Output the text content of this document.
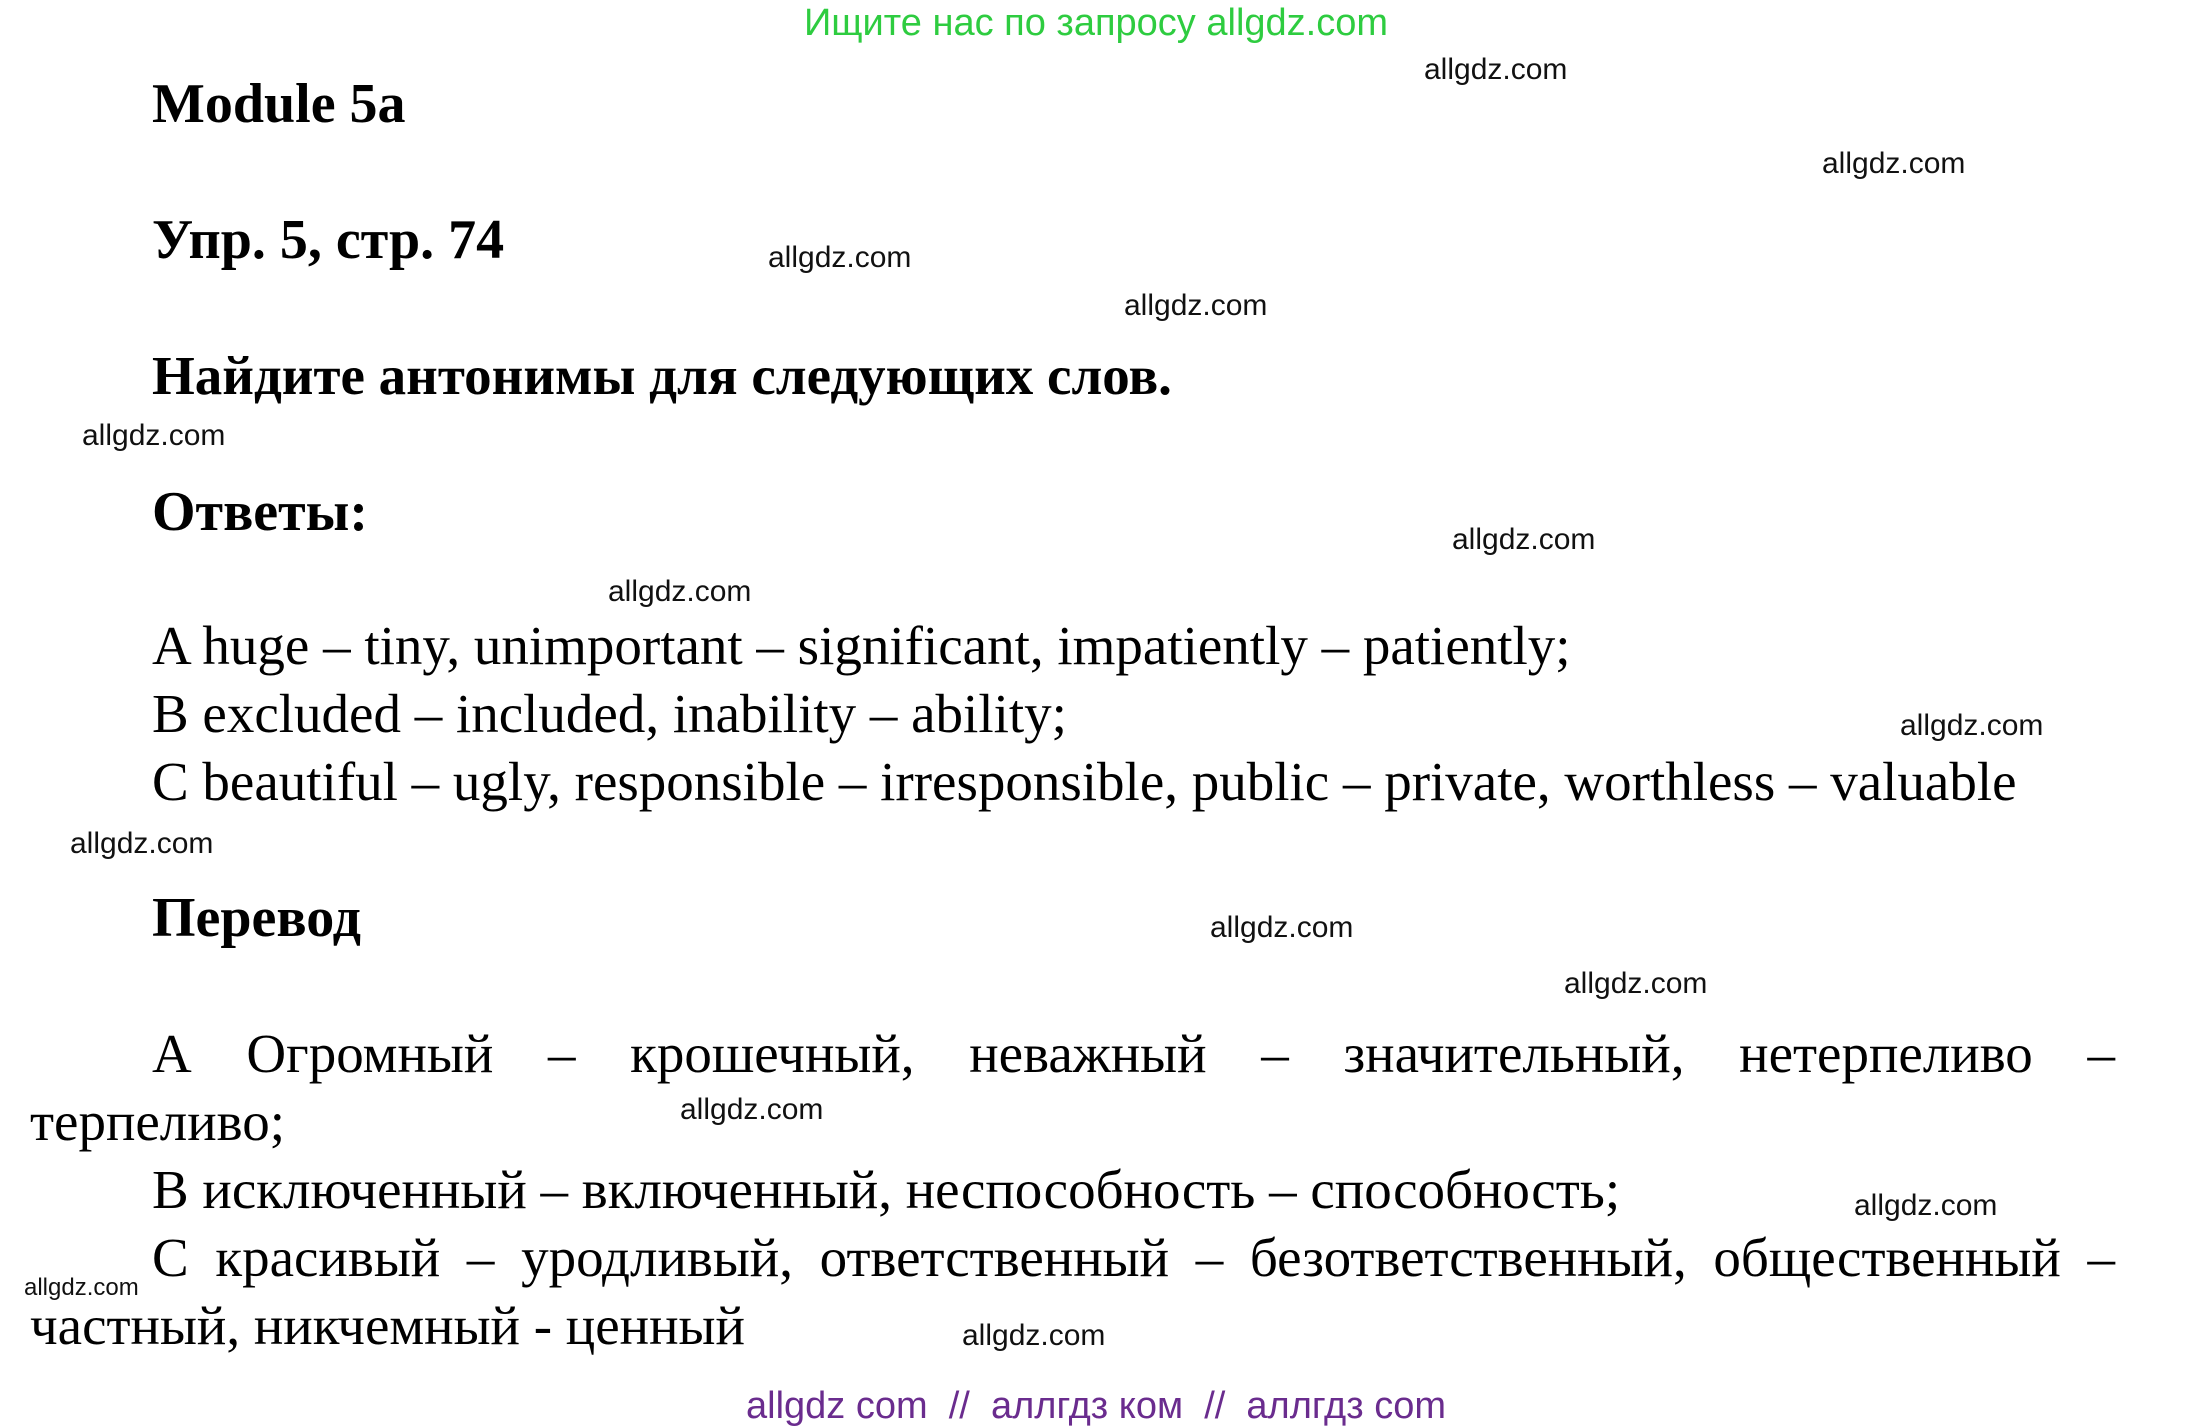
Ищите нас по запросу allgdz.com
Module 5a
Упр. 5, стр. 74
Найдите антонимы для следующих слов.
Ответы:
A huge – tiny, unimportant – significant, impatiently – patiently;
B excluded – included, inability – ability;
C beautiful – ugly, responsible – irresponsible, public – private, worthless – valuable
Перевод
А Огромный – крошечный, неважный – значительный, нетерпеливо –
терпеливо;
В исключенный – включенный, неспособность – способность;
С красивый – уродливый, ответственный – безответственный, общественный – частный, никчемный - ценный
allgdz.com
allgdz.com
allgdz.com
allgdz.com
allgdz.com
allgdz.com
allgdz.com
allgdz.com
allgdz.com
allgdz.com
allgdz.com
allgdz.com
allgdz.com
allgdz.com
allgdz.com
allgdz com  //  аллгдз ком  //  аллгдз com
